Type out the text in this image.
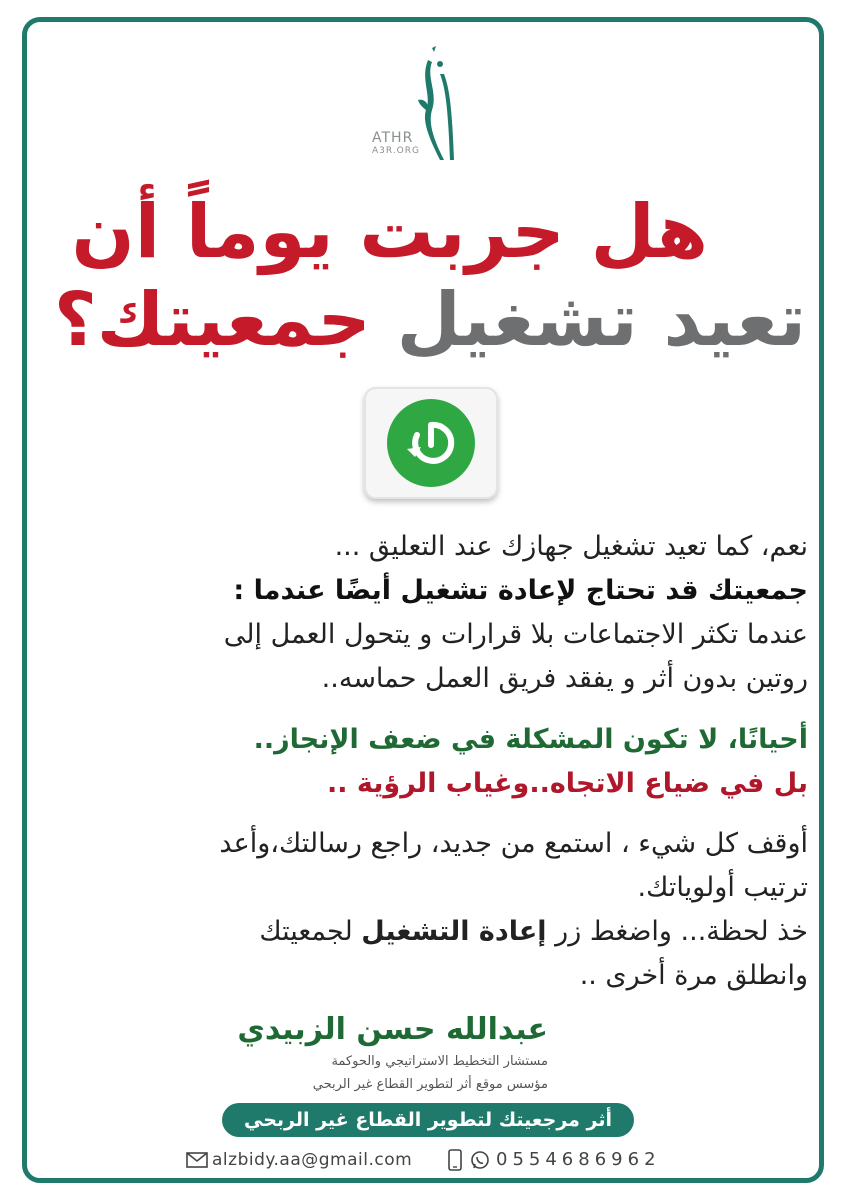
ATHR
A3R.ORG
هل جربت يوماً أن
تعيد تشغيل جمعيتك؟
نعم، كما تعيد تشغيل جهازك عند التعليق ...
جمعيتك قد تحتاج لإعادة تشغيل أيضًا عندما :
عندما تكثر الاجتماعات بلا قرارات و يتحول العمل إلى
روتين بدون أثر و يفقد فريق العمل حماسه..
أحيانًا، لا تكون المشكلة في ضعف الإنجاز..
بل في ضياع الاتجاه..وغياب الرؤية ..
أوقف كل شيء ، استمع من جديد، راجع رسالتك،وأعد
ترتيب أولوياتك.
خذ لحظة... واضغط زر إعادة التشغيل لجمعيتك
وانطلق مرة أخرى ..
عبدالله حسن الزبيدي
مستشار التخطيط الاستراتيجي والحوكمة
مؤسس موقع أثر لتطوير القطاع غير الربحي
أثر مرجعيتك لتطوير القطاع غير الربحي
alzbidy.aa@gmail.com	0554686962
